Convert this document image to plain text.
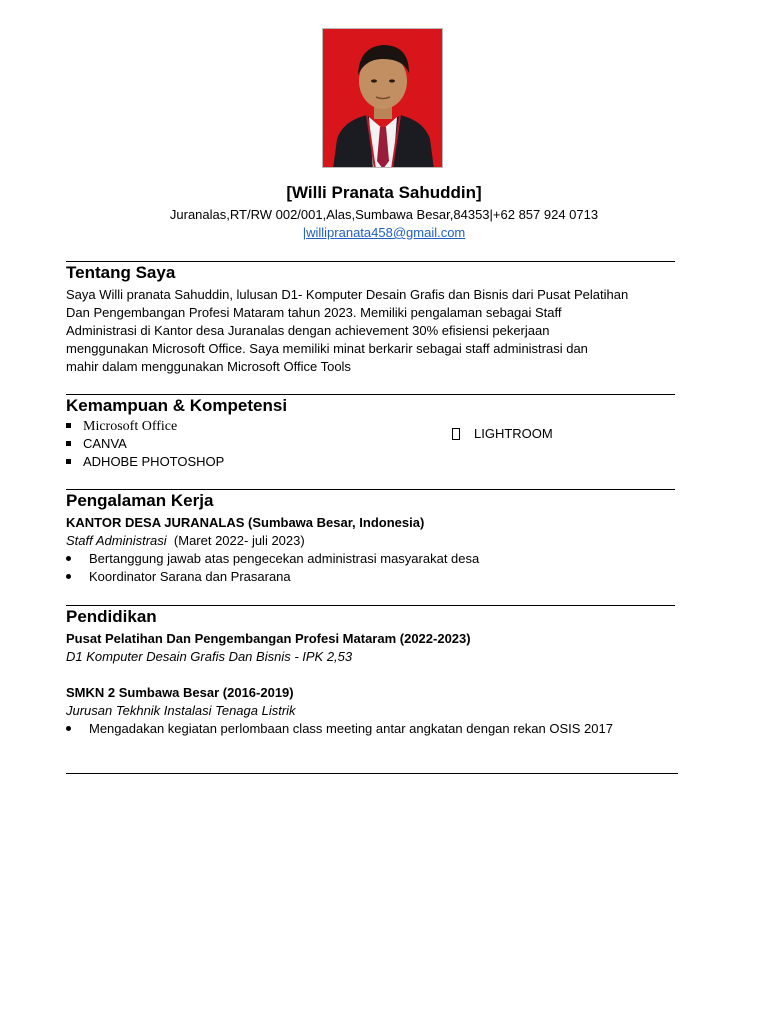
[Willi Pranata Sahuddin]
Juranalas,RT/RW 002/001,Alas,Sumbawa Besar,84353|+62 857 924 0713
|willipranata458@gmail.com
Tentang Saya
Saya Willi pranata Sahuddin, lulusan D1- Komputer Desain Grafis dan Bisnis dari Pusat Pelatihan
Dan Pengembangan Profesi Mataram tahun 2023. Memiliki pengalaman sebagai Staff
Administrasi di Kantor desa Juranalas dengan achievement 30% efisiensi pekerjaan
menggunakan Microsoft Office. Saya memiliki minat berkarir sebagai staff administrasi dan
mahir dalam menggunakan Microsoft Office Tools
Kemampuan & Kompetensi
Microsoft Office
CANVA
ADHOBE PHOTOSHOP
LIGHTROOM
Pengalaman Kerja
KANTOR DESA JURANALAS (Sumbawa Besar, Indonesia)
Staff Administrasi (Maret 2022- juli 2023)
Bertanggung jawab atas pengecekan administrasi masyarakat desa
Koordinator Sarana dan Prasarana
Pendidikan
Pusat Pelatihan Dan Pengembangan Profesi Mataram (2022-2023)
D1 Komputer Desain Grafis Dan Bisnis - IPK 2,53
SMKN 2 Sumbawa Besar (2016-2019)
Jurusan Tekhnik Instalasi Tenaga Listrik
Mengadakan kegiatan perlombaan class meeting antar angkatan dengan rekan OSIS 2017
